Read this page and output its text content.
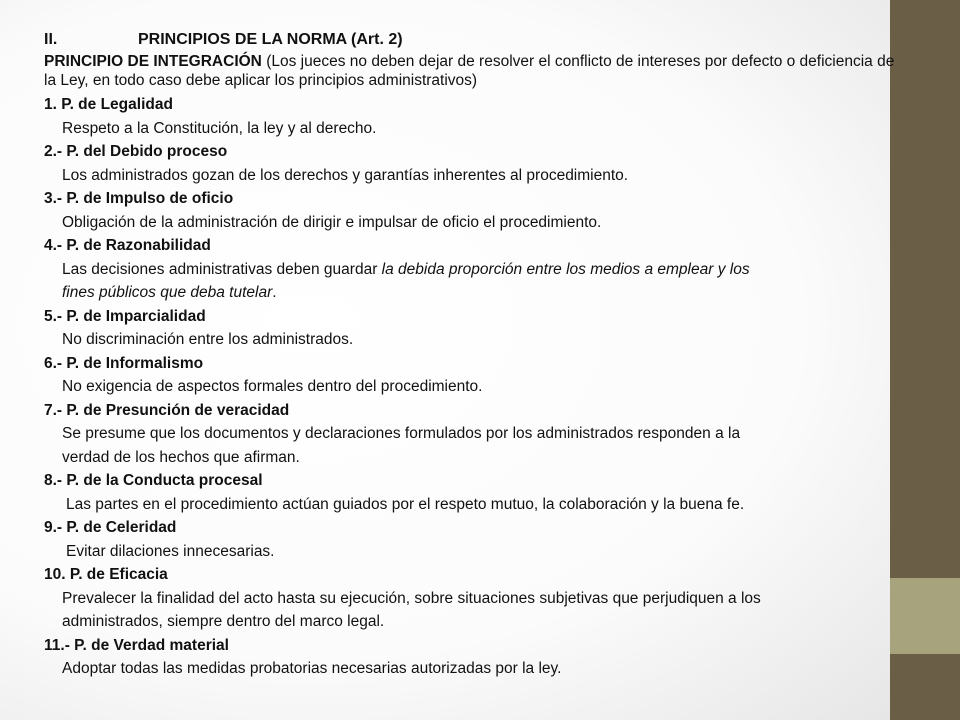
II.	PRINCIPIOS DE LA NORMA (Art. 2)
PRINCIPIO DE INTEGRACIÓN (Los jueces no deben dejar de resolver el conflicto de intereses por defecto o deficiencia de la Ley, en todo caso debe aplicar los principios administrativos)
1. P. de Legalidad
Respeto a la Constitución, la ley y al derecho.
2.- P. del Debido proceso
Los administrados gozan de los derechos y garantías inherentes al procedimiento.
3.- P. de Impulso de oficio
Obligación de la administración de dirigir e impulsar de oficio el procedimiento.
4.- P. de Razonabilidad
Las decisiones administrativas deben guardar la debida proporción entre los medios a emplear y los
fines públicos que deba tutelar.
5.- P. de Imparcialidad
No discriminación entre los administrados.
6.- P. de Informalismo
No exigencia de aspectos formales dentro del procedimiento.
7.- P. de Presunción de veracidad
Se presume que los documentos y declaraciones formulados por los administrados responden a la
verdad de los hechos que afirman.
8.- P. de la Conducta procesal
Las partes en el procedimiento actúan guiados por el respeto mutuo, la colaboración y la buena fe.
9.- P. de Celeridad
Evitar dilaciones innecesarias.
10. P. de Eficacia
Prevalecer la finalidad del acto hasta su ejecución, sobre situaciones subjetivas que perjudiquen a los
administrados, siempre dentro del marco legal.
11.- P. de Verdad material
Adoptar todas las medidas probatorias necesarias autorizadas por la ley.
